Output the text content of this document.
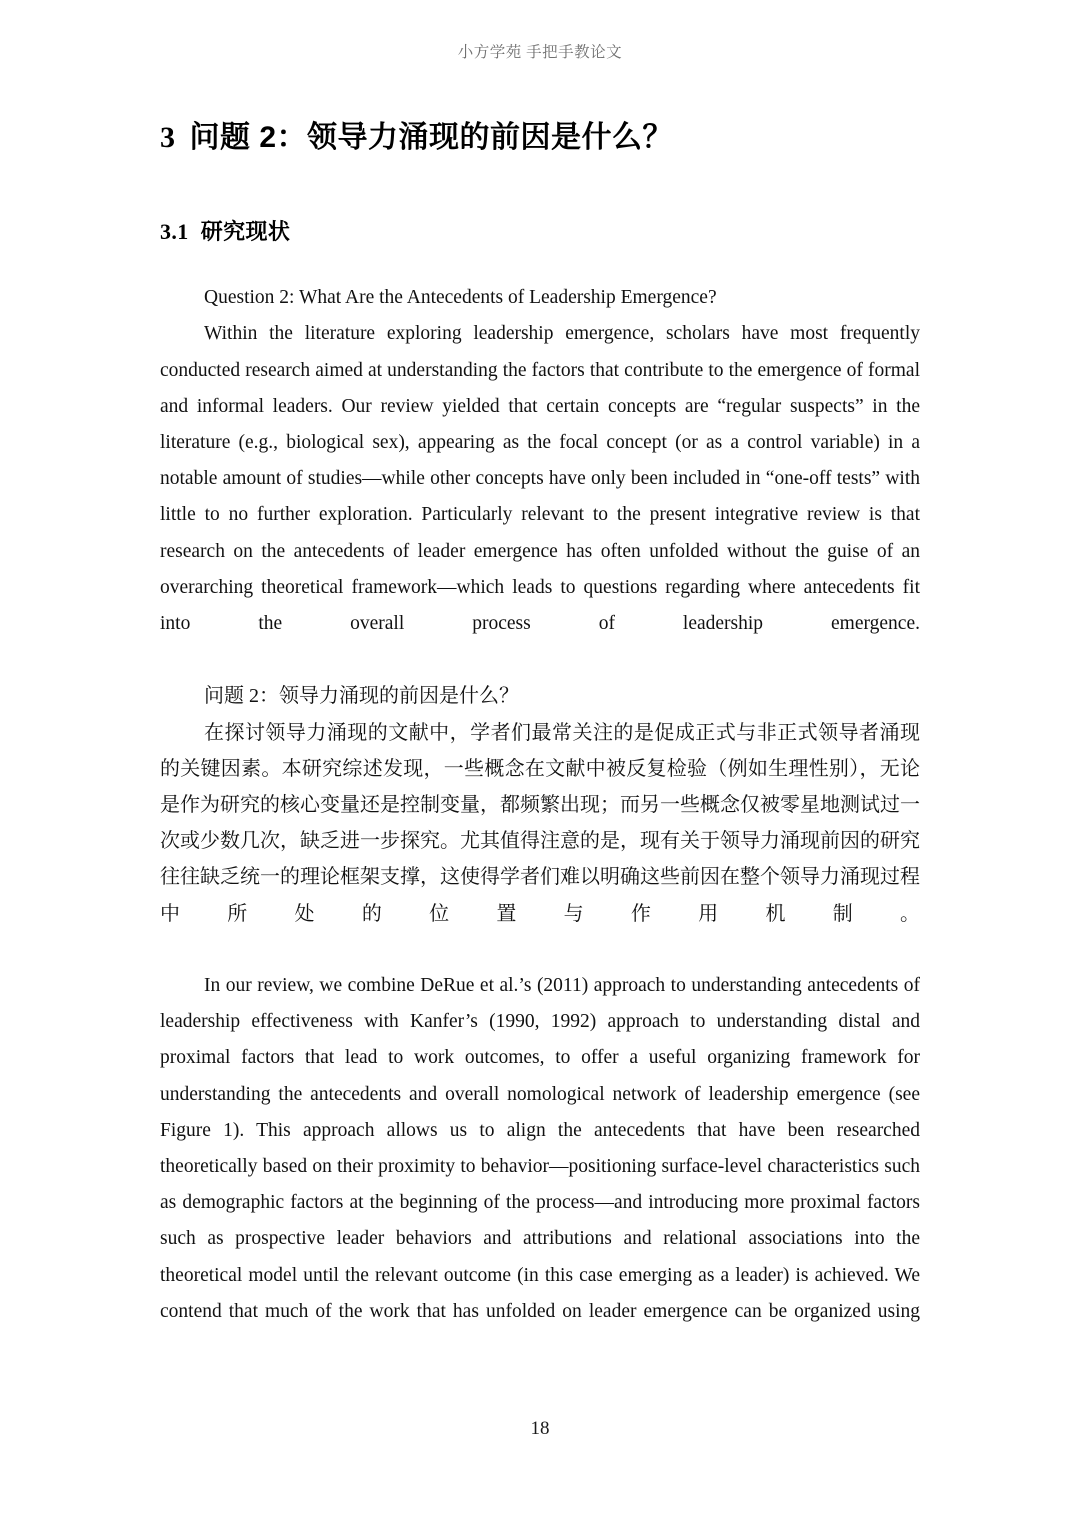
小方学苑 手把手教论文
3 问题 2：领导力涌现的前因是什么？
3.1 研究现状

Question 2: What Are the Antecedents of Leadership Emergence?

Within the literature exploring leadership emergence, scholars have most frequently conducted research aimed at understanding the factors that contribute to the emergence of formal and informal leaders. Our review yielded that certain concepts are “regular suspects” in the literature (e.g., biological sex), appearing as the focal concept (or as a control variable) in a notable amount of studies—while other concepts have only been included in “one-off tests” with little to no further exploration. Particularly relevant to the present integrative review is that research on the antecedents of leader emergence has often unfolded without the guise of an overarching theoretical framework—which leads to questions regarding where antecedents fit into the overall process of leadership emergence.

问题 2：领导力涌现的前因是什么？

在探讨领导力涌现的文献中，学者们最常关注的是促成正式与非正式领导者涌现的关键因素。本研究综述发现，一些概念在文献中被反复检验（例如生理性别），无论是作为研究的核心变量还是控制变量，都频繁出现；而另一些概念仅被零星地测试过一次或少数几次，缺乏进一步探究。尤其值得注意的是，现有关于领导力涌现前因的研究往往缺乏统一的理论框架支撑，这使得学者们难以明确这些前因在整个领导力涌现过程中所处的位置与作用机制。

In our review, we combine DeRue et al.’s (2011) approach to understanding antecedents of leadership effectiveness with Kanfer’s (1990, 1992) approach to understanding distal and proximal factors that lead to work outcomes, to offer a useful organizing framework for understanding the antecedents and overall nomological network of leadership emergence (see Figure 1). This approach allows us to align the antecedents that have been researched theoretically based on their proximity to behavior—positioning surface-level characteristics such as demographic factors at the beginning of the process—and introducing more proximal factors such as prospective leader behaviors and attributions and relational associations into the theoretical model until the relevant outcome (in this case emerging as a leader) is achieved. We contend that much of the work that has unfolded on leader emergence can be organized using

18
